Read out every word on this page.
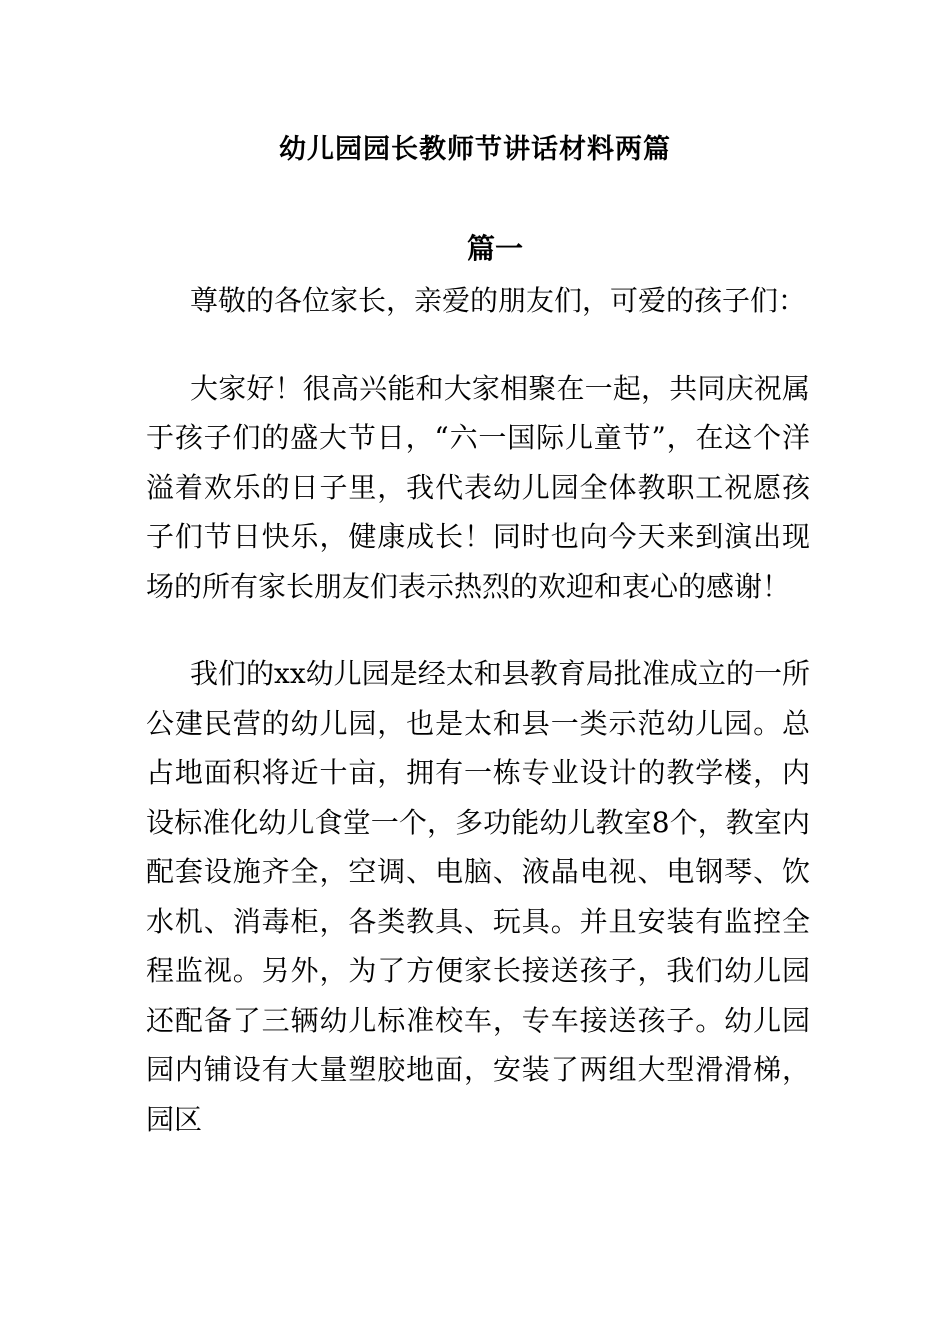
幼儿园园长教师节讲话材料两篇
篇一

尊敬的各位家长，亲爱的朋友们，可爱的孩子们：

大家好！很高兴能和大家相聚在一起，共同庆祝属于孩子们的盛大节日，“六一国际儿童节”，在这个洋溢着欢乐的日子里，我代表幼儿园全体教职工祝愿孩子们节日快乐，健康成长！同时也向今天来到演出现场的所有家长朋友们表示热烈的欢迎和衷心的感谢！

我们的xx幼儿园是经太和县教育局批准成立的一所公建民营的幼儿园，也是太和县一类示范幼儿园。总占地面积将近十亩，拥有一栋专业设计的教学楼，内设标准化幼儿食堂一个，多功能幼儿教室8个，教室内配套设施齐全，空调、电脑、液晶电视、电钢琴、饮水机、消毒柜，各类教具、玩具。并且安装有监控全程监视。另外，为了方便家长接送孩子，我们幼儿园还配备了三辆幼儿标准校车，专车接送孩子。幼儿园园内铺设有大量塑胶地面，安装了两组大型滑滑梯，园区
